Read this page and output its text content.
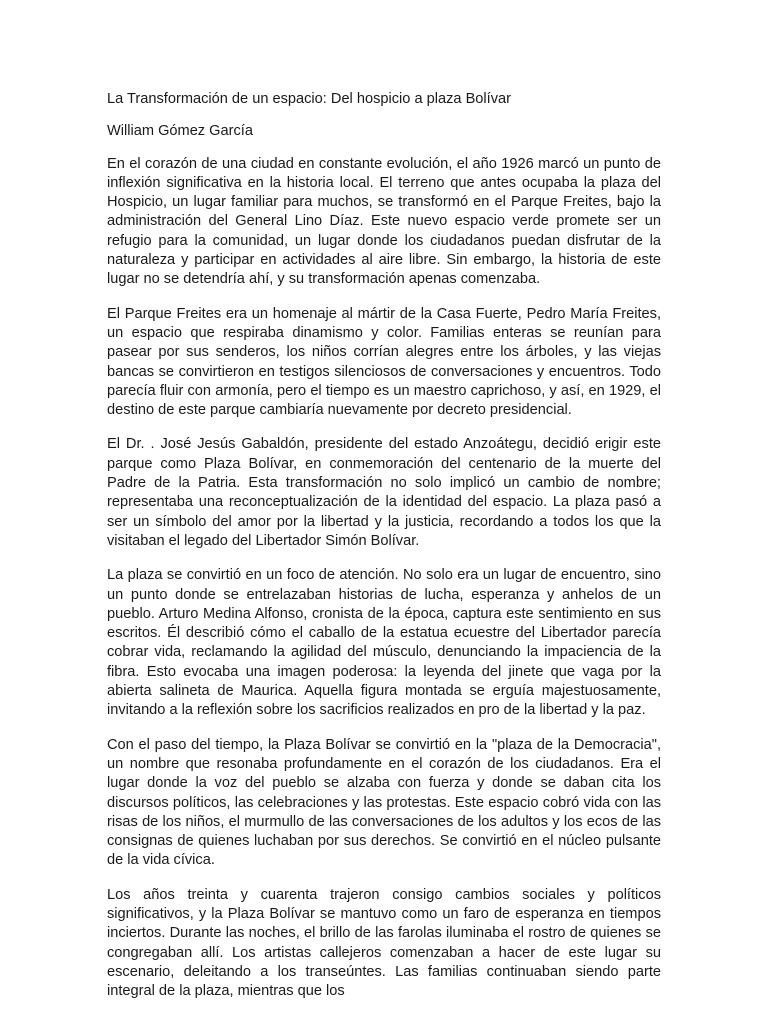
La Transformación de un espacio: Del hospicio a plaza Bolívar

William Gómez García

En el corazón de una ciudad en constante evolución, el año 1926 marcó un punto de inflexión significativa en la historia local. El terreno que antes ocupaba la plaza del Hospicio, un lugar familiar para muchos, se transformó en el Parque Freites, bajo la administración del General Lino Díaz. Este nuevo espacio verde promete ser un refugio para la comunidad, un lugar donde los ciudadanos puedan disfrutar de la naturaleza y participar en actividades al aire libre. Sin embargo, la historia de este lugar no se detendría ahí, y su transformación apenas comenzaba.

El Parque Freites era un homenaje al mártir de la Casa Fuerte, Pedro María Freites, un espacio que respiraba dinamismo y color. Familias enteras se reunían para pasear por sus senderos, los niños corrían alegres entre los árboles, y las viejas bancas se convirtieron en testigos silenciosos de conversaciones y encuentros. Todo parecía fluir con armonía, pero el tiempo es un maestro caprichoso, y así, en 1929, el destino de este parque cambiaría nuevamente por decreto presidencial.

El Dr. . José Jesús Gabaldón, presidente del estado Anzoátegu, decidió erigir este parque como Plaza Bolívar, en conmemoración del centenario de la muerte del Padre de la Patria. Esta transformación no solo implicó un cambio de nombre; representaba una reconceptualización de la identidad del espacio. La plaza pasó a ser un símbolo del amor por la libertad y la justicia, recordando a todos los que la visitaban el legado del Libertador Simón Bolívar.

La plaza se convirtió en un foco de atención. No solo era un lugar de encuentro, sino un punto donde se entrelazaban historias de lucha, esperanza y anhelos de un pueblo. Arturo Medina Alfonso, cronista de la época, captura este sentimiento en sus escritos. Él describió cómo el caballo de la estatua ecuestre del Libertador parecía cobrar vida, reclamando la agilidad del músculo, denunciando la impaciencia de la fibra. Esto evocaba una imagen poderosa: la leyenda del jinete que vaga por la abierta salineta de Maurica. Aquella figura montada se erguía majestuosamente, invitando a la reflexión sobre los sacrificios realizados en pro de la libertad y la paz.

Con el paso del tiempo, la Plaza Bolívar se convirtió en la "plaza de la Democracia", un nombre que resonaba profundamente en el corazón de los ciudadanos. Era el lugar donde la voz del pueblo se alzaba con fuerza y donde se daban cita los discursos políticos, las celebraciones y las protestas. Este espacio cobró vida con las risas de los niños, el murmullo de las conversaciones de los adultos y los ecos de las consignas de quienes luchaban por sus derechos. Se convirtió en el núcleo pulsante de la vida cívica.

Los años treinta y cuarenta trajeron consigo cambios sociales y políticos significativos, y la Plaza Bolívar se mantuvo como un faro de esperanza en tiempos inciertos. Durante las noches, el brillo de las farolas iluminaba el rostro de quienes se congregaban allí. Los artistas callejeros comenzaban a hacer de este lugar su escenario, deleitando a los transeúntes. Las familias continuaban siendo parte integral de la plaza, mientras que los
